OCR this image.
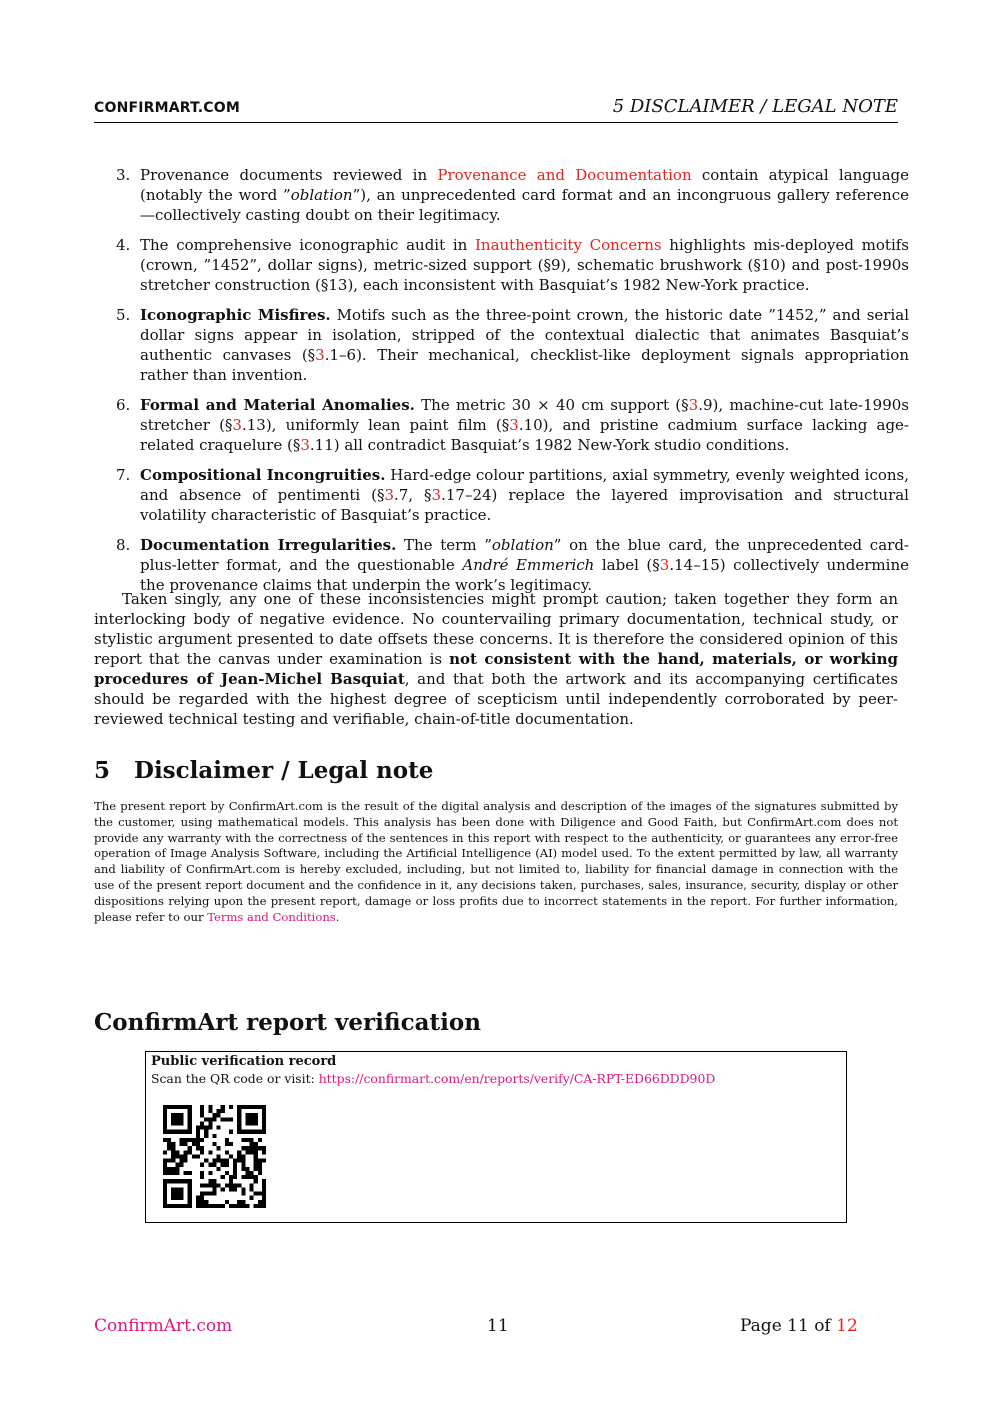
CONFIRMART.COM	5 DISCLAIMER / LEGAL NOTE
3. Provenance documents reviewed in Provenance and Documentation contain atypical language (notably the word ”oblation”), an unprecedented card format and an incongruous gallery reference—collectively casting doubt on their legitimacy.
4. The comprehensive iconographic audit in Inauthenticity Concerns highlights mis-deployed motifs (crown, ”1452”, dollar signs), metric-sized support (§9), schematic brushwork (§10) and post-1990s stretcher construction (§13), each inconsistent with Basquiat’s 1982 New-York practice.
5. Iconographic Misfires. Motifs such as the three-point crown, the historic date ”1452,” and serial dollar signs appear in isolation, stripped of the contextual dialectic that animates Basquiat’s authentic canvases (§3.1–6). Their mechanical, checklist-like deployment signals appropriation rather than invention.
6. Formal and Material Anomalies. The metric 30 × 40 cm support (§3.9), machine-cut late-1990s stretcher (§3.13), uniformly lean paint film (§3.10), and pristine cadmium surface lacking age-related craquelure (§3.11) all contradict Basquiat’s 1982 New-York studio conditions.
7. Compositional Incongruities. Hard-edge colour partitions, axial symmetry, evenly weighted icons, and absence of pentimenti (§3.7, §3.17–24) replace the layered improvisation and structural volatility characteristic of Basquiat’s practice.
8. Documentation Irregularities. The term ”oblation” on the blue card, the unprecedented card-plus-letter format, and the questionable André Emmerich label (§3.14–15) collectively undermine the provenance claims that underpin the work’s legitimacy.

Taken singly, any one of these inconsistencies might prompt caution; taken together they form an interlocking body of negative evidence. No countervailing primary documentation, technical study, or stylistic argument presented to date offsets these concerns. It is therefore the considered opinion of this report that the canvas under examination is not consistent with the hand, materials, or working procedures of Jean-Michel Basquiat, and that both the artwork and its accompanying certificates should be regarded with the highest degree of scepticism until independently corroborated by peer-reviewed technical testing and verifiable, chain-of-title documentation.

5 Disclaimer / Legal note

The present report by ConfirmArt.com is the result of the digital analysis and description of the images of the signatures submitted by the customer, using mathematical models. This analysis has been done with Diligence and Good Faith, but ConfirmArt.com does not provide any warranty with the correctness of the sentences in this report with respect to the authenticity, or guarantees any error-free operation of Image Analysis Software, including the Artificial Intelligence (AI) model used. To the extent permitted by law, all warranty and liability of ConfirmArt.com is hereby excluded, including, but not limited to, liability for financial damage in connection with the use of the present report document and the confidence in it, any decisions taken, purchases, sales, insurance, security, display or other dispositions relying upon the present report, damage or loss profits due to incorrect statements in the report. For further information, please refer to our Terms and Conditions.

ConfirmArt report verification
Public verification record
Scan the QR code or visit: https://confirmart.com/en/reports/verify/CA-RPT-ED66DDD90D
ConfirmArt.com	11	Page 11 of 12
